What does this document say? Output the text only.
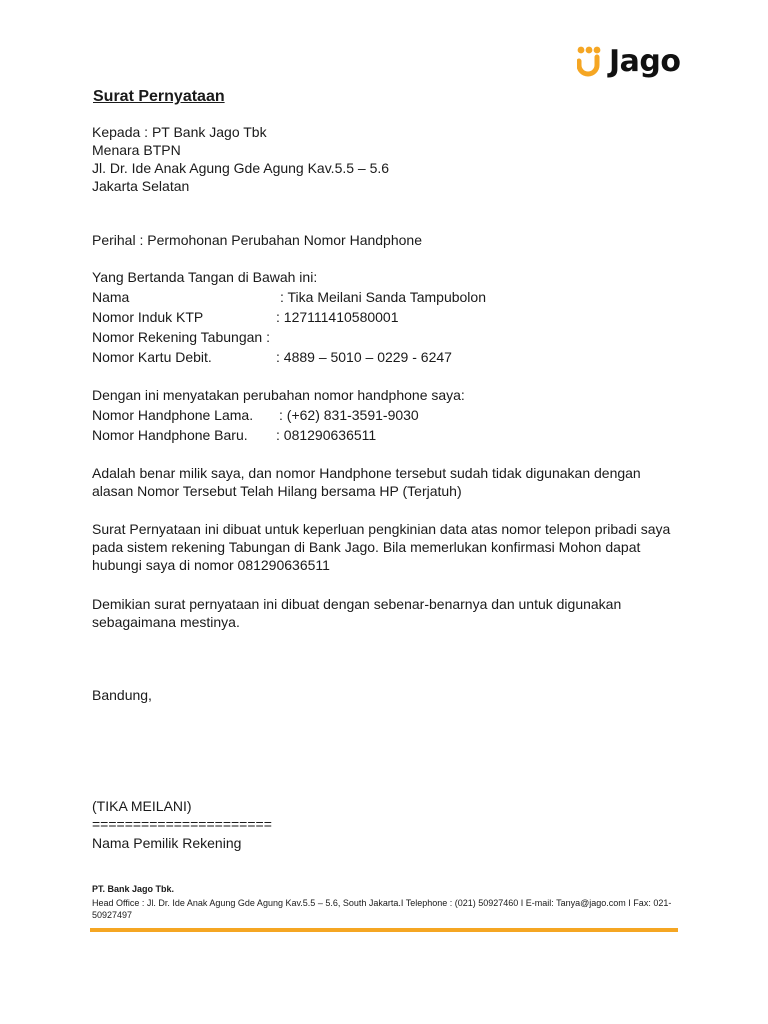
Jago
Surat Pernyataan
Kepada : PT Bank Jago Tbk
Menara BTPN
Jl. Dr. Ide Anak Agung Gde Agung Kav.5.5 – 5.6
Jakarta Selatan
Perihal : Permohonan Perubahan Nomor Handphone
Yang Bertanda Tangan di Bawah ini:
Nama	: Tika Meilani Sanda Tampubolon
Nomor Induk KTP	: 127111410580001
Nomor Rekening Tabungan :
Nomor Kartu Debit.	: 4889 – 5010 – 0229 - 6247
Dengan ini menyatakan perubahan nomor handphone saya:
Nomor Handphone Lama. : (+62) 831-3591-9030
Nomor Handphone Baru. : 081290636511
Adalah benar milik saya, dan nomor Handphone tersebut sudah tidak digunakan dengan alasan Nomor Tersebut Telah Hilang bersama HP (Terjatuh)
Surat Pernyataan ini dibuat untuk keperluan pengkinian data atas nomor telepon pribadi saya pada sistem rekening Tabungan di Bank Jago. Bila memerlukan konfirmasi Mohon dapat hubungi saya di nomor 081290636511
Demikian surat pernyataan ini dibuat dengan sebenar-benarnya dan untuk digunakan sebagaimana mestinya.
Bandung,
(TIKA MEILANI)
======================
Nama Pemilik Rekening
PT. Bank Jago Tbk.
Head Office : Jl. Dr. Ide Anak Agung Gde Agung Kav.5.5 – 5.6, South Jakarta.I Telephone : (021) 50927460 I E-mail: Tanya@jago.com I Fax: 021- 50927497
